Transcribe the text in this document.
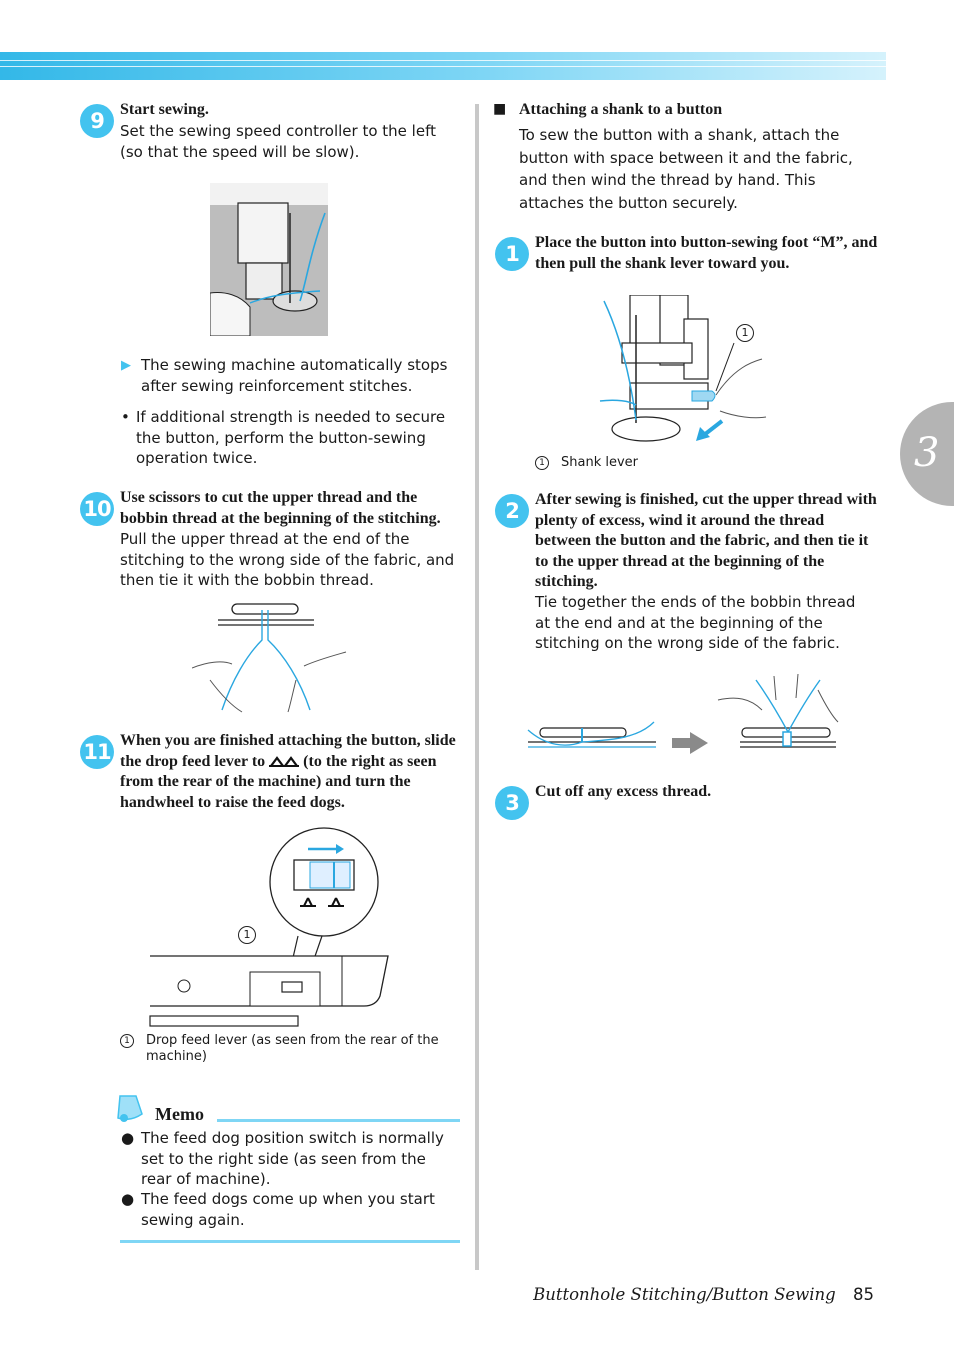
3
9	Start sewing.
Set the sewing speed controller to the left (so that the speed will be slow).
▶ The sewing machine automatically stops after sewing reinforcement stitches.
• If additional strength is needed to secure the button, perform the button-sewing operation twice.
10 Use scissors to cut the upper thread and the bobbin thread at the beginning of the stitching.
Pull the upper thread at the end of the stitching to the wrong side of the fabric, and then tie it with the bobbin thread.
11 When you are finished attaching the button, slide the drop feed lever to (to the right as seen from the rear of the machine) and turn the handwheel to raise the feed dogs.
1
1	Drop feed lever (as seen from the rear of the machine)
Memo
● The feed dog position switch is normally set to the right side (as seen from the rear of machine).
● The feed dogs come up when you start sewing again.
■ Attaching a shank to a button
To sew the button with a shank, attach the button with space between it and the fabric, and then wind the thread by hand. This attaches the button securely.
1	Place the button into button-sewing foot “M”, and then pull the shank lever toward you.
1
1	Shank lever
2	After sewing is finished, cut the upper thread with plenty of excess, wind it around the thread between the button and the fabric, and then tie it to the upper thread at the beginning of the stitching.
Tie together the ends of the bobbin thread at the end and at the beginning of the stitching on the wrong side of the fabric.
3	Cut off any excess thread.
Buttonhole Stitching/Button Sewing 85
